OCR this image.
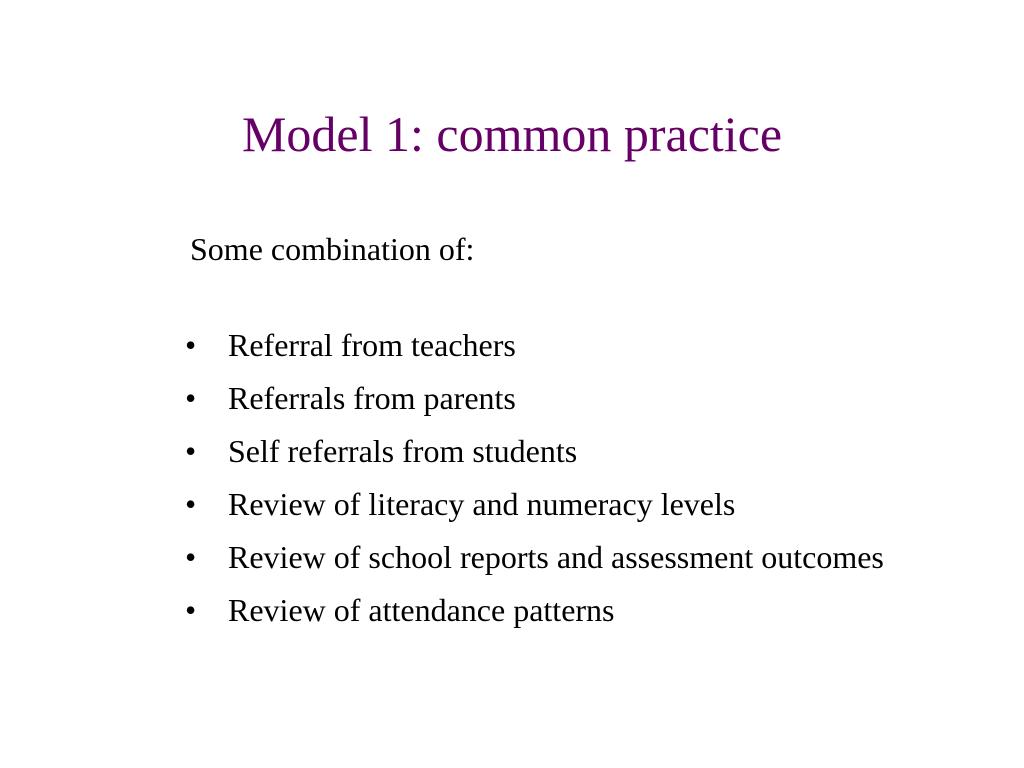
Model 1: common practice

Some combination of:

• Referral from teachers
• Referrals from parents
• Self referrals from students
• Review of literacy and numeracy levels
• Review of school reports and assessment outcomes
• Review of attendance patterns
